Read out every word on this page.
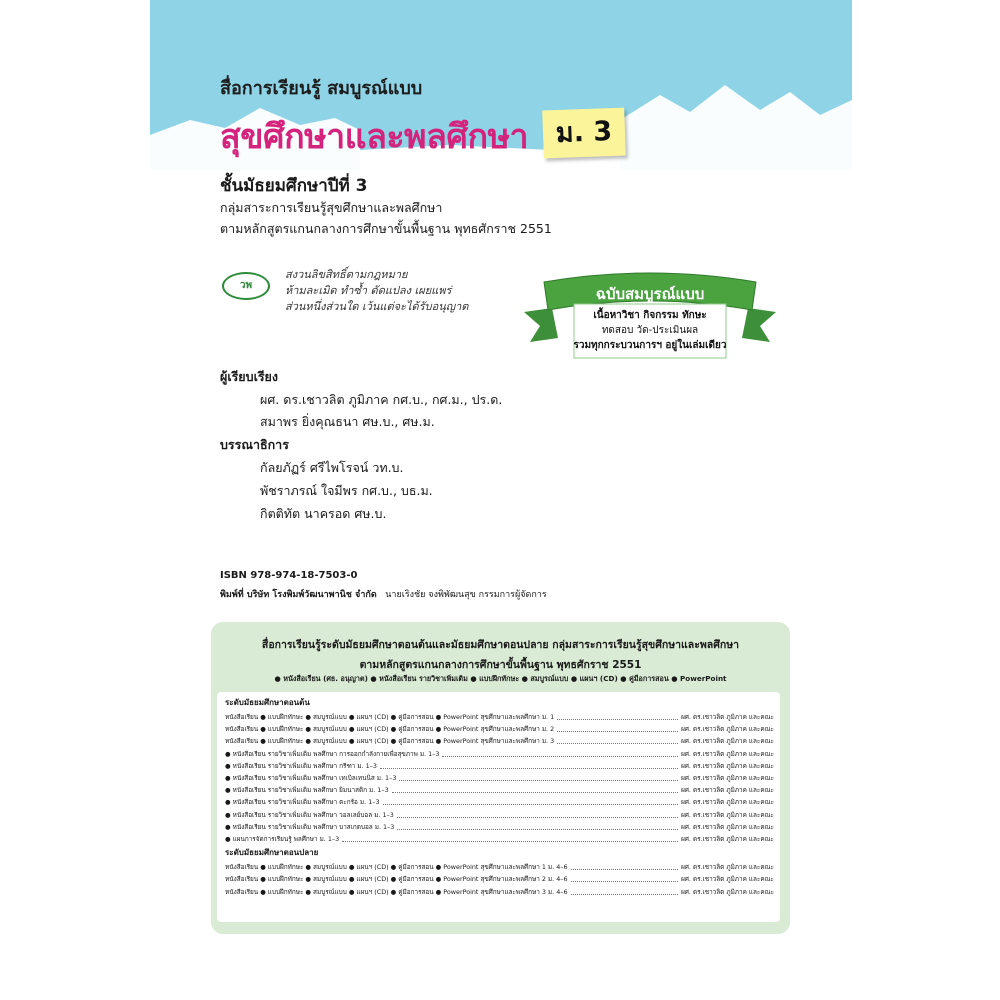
สื่อการเรียนรู้ สมบูรณ์แบบ
สุขศึกษาและพลศึกษา	ม. 3
ชั้นมัธยมศึกษาปีที่ 3
กลุ่มสาระการเรียนรู้สุขศึกษาและพลศึกษา
ตามหลักสูตรแกนกลางการศึกษาขั้นพื้นฐาน พุทธศักราช 2551
วพ
สงวนลิขสิทธิ์ตามกฎหมาย
ห้ามละเมิด ทำซ้ำ ดัดแปลง เผยแพร่
ส่วนหนึ่งส่วนใด เว้นแต่จะได้รับอนุญาต
ฉบับสมบูรณ์แบบ
เนื้อหาวิชา กิจกรรม ทักษะ
ทดสอบ วัด-ประเมินผล
รวมทุกกระบวนการฯ อยู่ในเล่มเดียว
ผู้เรียบเรียง
ผศ. ดร.เชาวลิต ภูมิภาค กศ.บ., กศ.ม., ปร.ด.
สมาพร ยิ่งคุณธนา ศษ.บ., ศษ.ม.
บรรณาธิการ
กัลยภัฏร์ ศรีไพโรจน์ วท.บ.
พัชราภรณ์ ใจมีพร กศ.บ., บธ.ม.
กิตติทัต นาครอด ศษ.บ.
ISBN 978-974-18-7503-0
พิมพ์ที่ บริษัท โรงพิมพ์วัฒนาพานิช จำกัด นายเริงชัย จงพิพัฒนสุข กรรมการผู้จัดการ
สื่อการเรียนรู้ระดับมัธยมศึกษาตอนต้นและมัธยมศึกษาตอนปลาย กลุ่มสาระการเรียนรู้สุขศึกษาและพลศึกษา
ตามหลักสูตรแกนกลางการศึกษาขั้นพื้นฐาน พุทธศักราช 2551
● หนังสือเรียน (ศธ. อนุญาต) ● หนังสือเรียน รายวิชาเพิ่มเติม ● แบบฝึกทักษะ ● สมบูรณ์แบบ ● แผนฯ (CD) ● คู่มือการสอน ● PowerPoint
ระดับมัธยมศึกษาตอนต้น
หนังสือเรียน ● แบบฝึกทักษะ ● สมบูรณ์แบบ ● แผนฯ (CD) ● คู่มือการสอน ● PowerPoint สุขศึกษาและพลศึกษา ม. 1	ผศ. ดร.เชาวลิต ภูมิภาค และคณะ
หนังสือเรียน ● แบบฝึกทักษะ ● สมบูรณ์แบบ ● แผนฯ (CD) ● คู่มือการสอน ● PowerPoint สุขศึกษาและพลศึกษา ม. 2	ผศ. ดร.เชาวลิต ภูมิภาค และคณะ
หนังสือเรียน ● แบบฝึกทักษะ ● สมบูรณ์แบบ ● แผนฯ (CD) ● คู่มือการสอน ● PowerPoint สุขศึกษาและพลศึกษา ม. 3	ผศ. ดร.เชาวลิต ภูมิภาค และคณะ
● หนังสือเรียน รายวิชาเพิ่มเติม พลศึกษา การออกกำลังกายเพื่อสุขภาพ ม. 1–3	ผศ. ดร.เชาวลิต ภูมิภาค และคณะ
● หนังสือเรียน รายวิชาเพิ่มเติม พลศึกษา กรีฑา ม. 1–3	ผศ. ดร.เชาวลิต ภูมิภาค และคณะ
● หนังสือเรียน รายวิชาเพิ่มเติม พลศึกษา เทเบิลเทนนิส ม. 1–3	ผศ. ดร.เชาวลิต ภูมิภาค และคณะ
● หนังสือเรียน รายวิชาเพิ่มเติม พลศึกษา ยิมนาสติก ม. 1–3	ผศ. ดร.เชาวลิต ภูมิภาค และคณะ
● หนังสือเรียน รายวิชาเพิ่มเติม พลศึกษา ตะกร้อ ม. 1–3	ผศ. ดร.เชาวลิต ภูมิภาค และคณะ
● หนังสือเรียน รายวิชาเพิ่มเติม พลศึกษา วอลเลย์บอล ม. 1–3	ผศ. ดร.เชาวลิต ภูมิภาค และคณะ
● หนังสือเรียน รายวิชาเพิ่มเติม พลศึกษา บาสเกตบอล ม. 1–3	ผศ. ดร.เชาวลิต ภูมิภาค และคณะ
● แผนการจัดการเรียนรู้ พลศึกษา ม. 1–3	ผศ. ดร.เชาวลิต ภูมิภาค และคณะ
ระดับมัธยมศึกษาตอนปลาย
หนังสือเรียน ● แบบฝึกทักษะ ● สมบูรณ์แบบ ● แผนฯ (CD) ● คู่มือการสอน ● PowerPoint สุขศึกษาและพลศึกษา 1 ม. 4–6	ผศ. ดร.เชาวลิต ภูมิภาค และคณะ
หนังสือเรียน ● แบบฝึกทักษะ ● สมบูรณ์แบบ ● แผนฯ (CD) ● คู่มือการสอน ● PowerPoint สุขศึกษาและพลศึกษา 2 ม. 4–6	ผศ. ดร.เชาวลิต ภูมิภาค และคณะ
หนังสือเรียน ● แบบฝึกทักษะ ● สมบูรณ์แบบ ● แผนฯ (CD) ● คู่มือการสอน ● PowerPoint สุขศึกษาและพลศึกษา 3 ม. 4–6	ผศ. ดร.เชาวลิต ภูมิภาค และคณะ
